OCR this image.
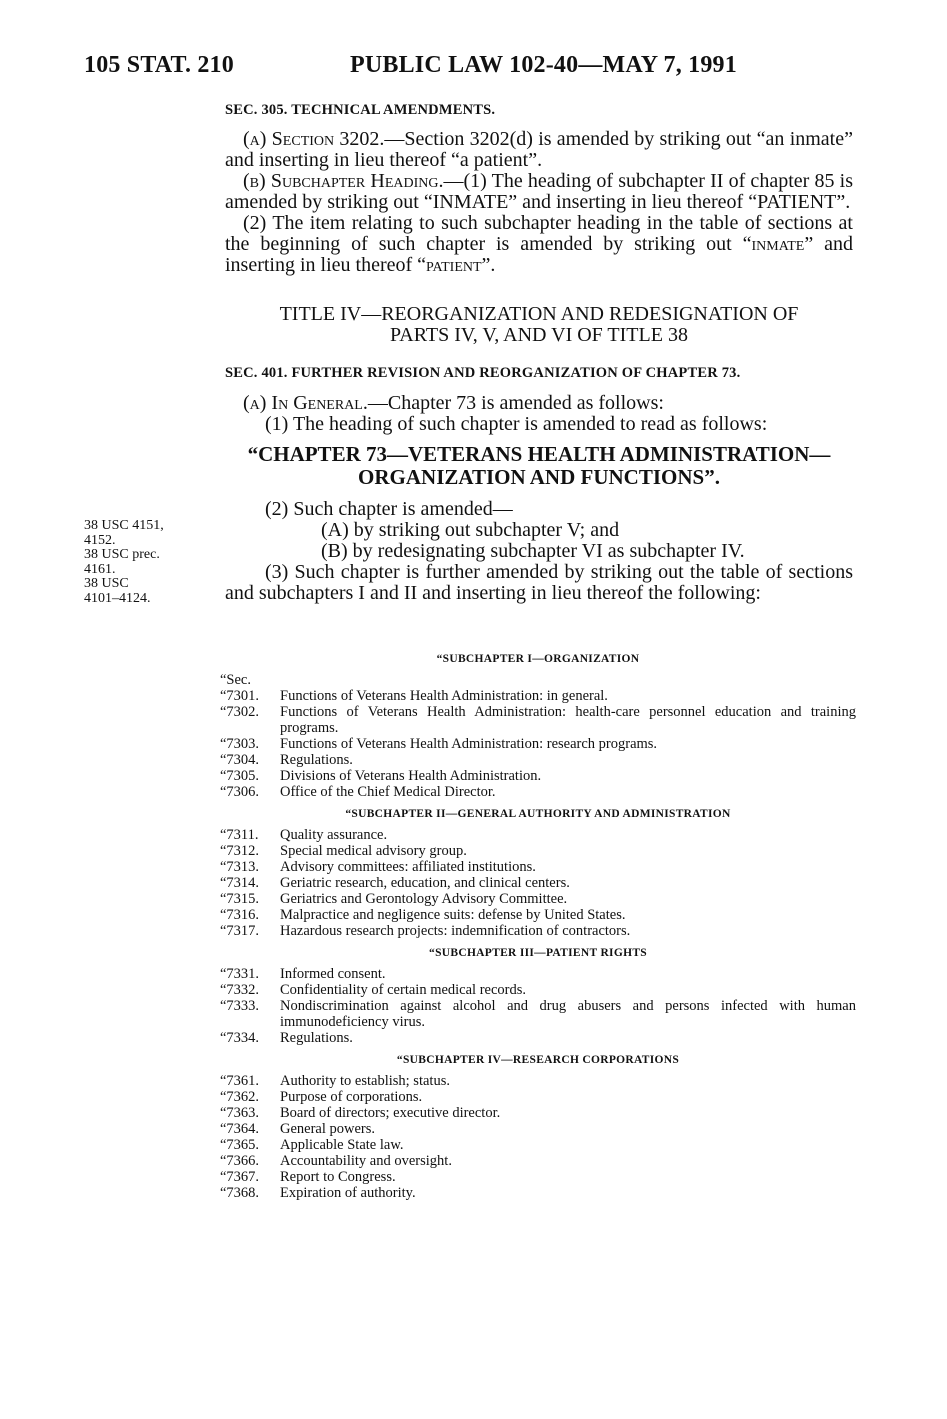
105 STAT. 210	PUBLIC LAW 102-40—MAY 7, 1991

SEC. 305. TECHNICAL AMENDMENTS.

(a) Section 3202.—Section 3202(d) is amended by striking out “an inmate” and inserting in lieu thereof “a patient”.

(b) Subchapter Heading.—(1) The heading of subchapter II of chapter 85 is amended by striking out “INMATE” and inserting in lieu thereof “PATIENT”.

(2) The item relating to such subchapter heading in the table of sections at the beginning of such chapter is amended by striking out “inmate” and inserting in lieu thereof “patient”.

TITLE IV—REORGANIZATION AND REDESIGNATION OF
PARTS IV, V, AND VI OF TITLE 38

SEC. 401. FURTHER REVISION AND REORGANIZATION OF CHAPTER 73.

(a) In General.—Chapter 73 is amended as follows:

(1) The heading of such chapter is amended to read as follows:

“CHAPTER 73—VETERANS HEALTH ADMINISTRATION—
ORGANIZATION AND FUNCTIONS”.

(2) Such chapter is amended—

(A) by striking out subchapter V; and

(B) by redesignating subchapter VI as subchapter IV.

(3) Such chapter is further amended by striking out the table of sections and subchapters I and II and inserting in lieu thereof the following:

38 USC 4151,
4152.
38 USC prec.
4161.
38 USC
4101–4124.
“SUBCHAPTER I—ORGANIZATION
“Sec.
“7301. Functions of Veterans Health Administration: in general.
“7302. Functions of Veterans Health Administration: health-care personnel education and training programs.
“7303. Functions of Veterans Health Administration: research programs.
“7304. Regulations.
“7305. Divisions of Veterans Health Administration.
“7306. Office of the Chief Medical Director.
“SUBCHAPTER II—GENERAL AUTHORITY AND ADMINISTRATION
“7311. Quality assurance.
“7312. Special medical advisory group.
“7313. Advisory committees: affiliated institutions.
“7314. Geriatric research, education, and clinical centers.
“7315. Geriatrics and Gerontology Advisory Committee.
“7316. Malpractice and negligence suits: defense by United States.
“7317. Hazardous research projects: indemnification of contractors.
“SUBCHAPTER III—PATIENT RIGHTS
“7331. Informed consent.
“7332. Confidentiality of certain medical records.
“7333. Nondiscrimination against alcohol and drug abusers and persons infected with human immunodeficiency virus.
“7334. Regulations.
“SUBCHAPTER IV—RESEARCH CORPORATIONS
“7361. Authority to establish; status.
“7362. Purpose of corporations.
“7363. Board of directors; executive director.
“7364. General powers.
“7365. Applicable State law.
“7366. Accountability and oversight.
“7367. Report to Congress.
“7368. Expiration of authority.
